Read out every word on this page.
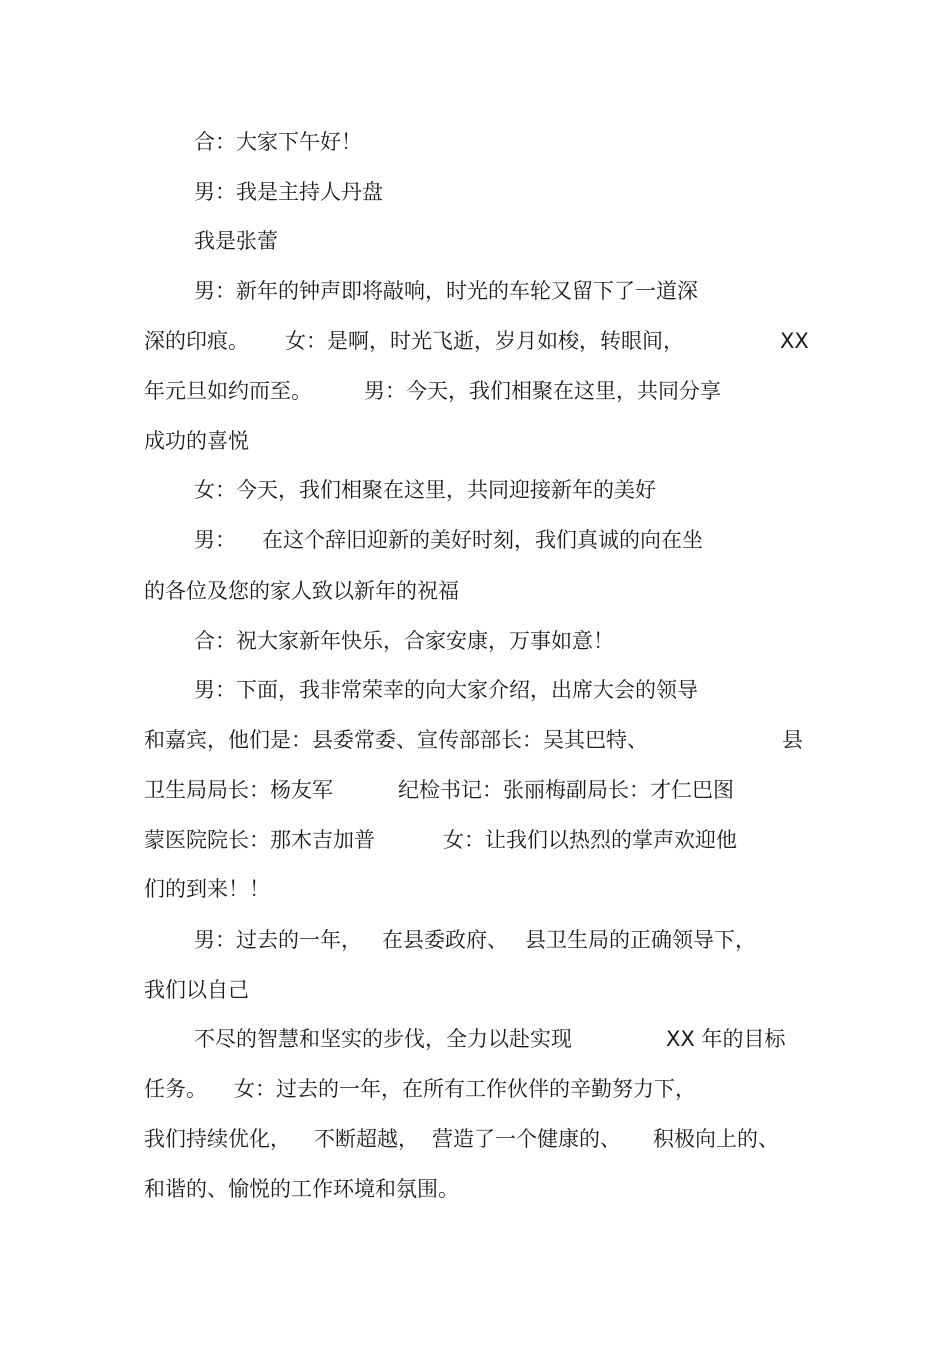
合：大家下午好！

男：我是主持人丹盘

我是张蕾

男：新年的钟声即将敲响，时光的车轮又留下了一道深

深的印痕。 女：是啊，时光飞逝，岁月如梭，转眼间，	XX

年元旦如约而至。 男：今天，我们相聚在这里，共同分享

成功的喜悦

女：今天，我们相聚在这里，共同迎接新年的美好

男： 在这个辞旧迎新的美好时刻，我们真诚的向在坐

的各位及您的家人致以新年的祝福

合：祝大家新年快乐，合家安康，万事如意！

男：下面，我非常荣幸的向大家介绍，出席大会的领导

和嘉宾，他们是：县委常委、宣传部部长：吴其巴特、	县

卫生局局长：杨友军	纪检书记：张丽梅副局长：才仁巴图

蒙医院院长：那木吉加普	女：让我们以热烈的掌声欢迎他

们的到来！！

男：过去的一年， 在县委政府、 县卫生局的正确领导下，

我们以自己

不尽的智慧和坚实的步伐，全力以赴实现	XX 年的目标

任务。 女：过去的一年，在所有工作伙伴的辛勤努力下，

我们持续优化， 不断超越， 营造了一个健康的、 积极向上的、

和谐的、愉悦的工作环境和氛围。
